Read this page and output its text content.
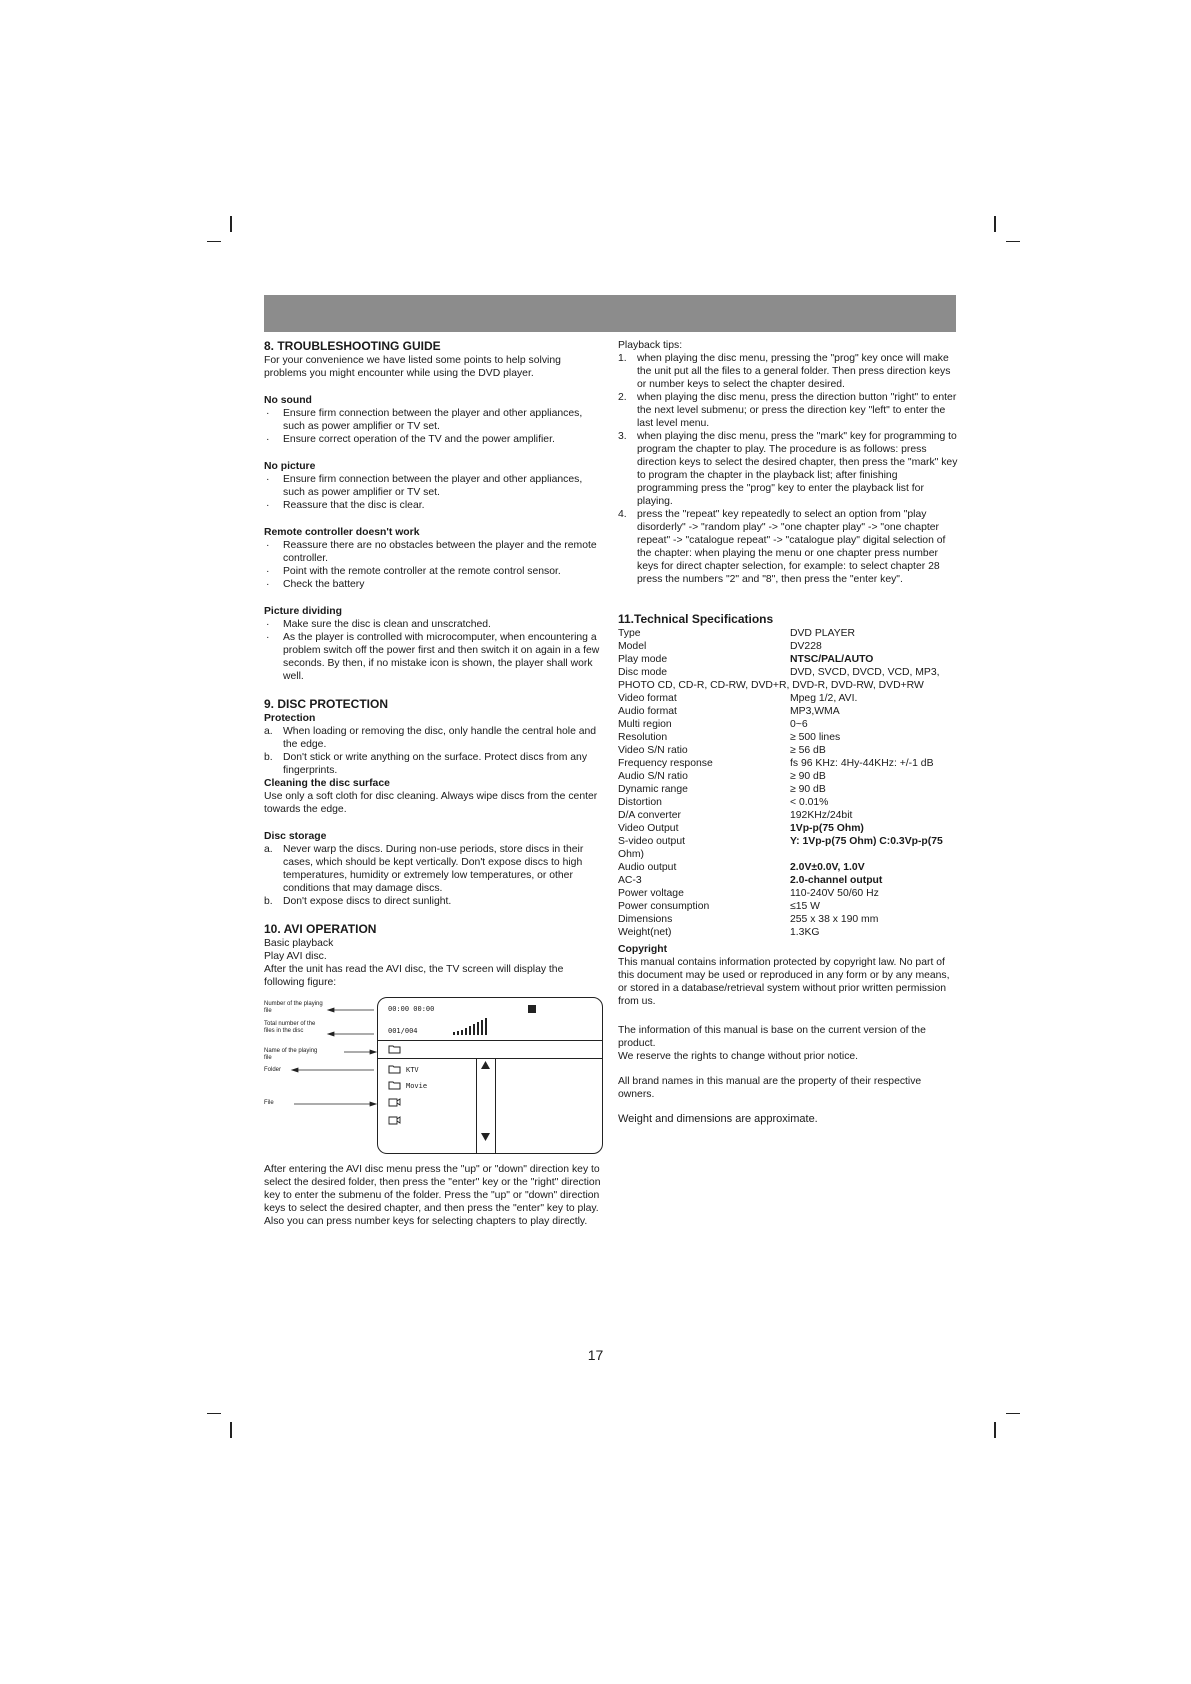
8. TROUBLESHOOTING GUIDE

For your convenience we have listed some points to help solving problems you might encounter while using the DVD player.

No sound
· Ensure firm connection between the player and other appliances, such as power amplifier or TV set.
· Ensure correct operation of the TV and the power amplifier.
No picture
· Ensure firm connection between the player and other appliances, such as power amplifier or TV set.
· Reassure that the disc is clear.
Remote controller doesn't work
· Reassure there are no obstacles between the player and the remote controller.
· Point with the remote controller at the remote control sensor.
· Check the battery
Picture dividing
· Make sure the disc is clean and unscratched.
· As the player is controlled with microcomputer, when encountering a problem switch off the power first and then switch it on again in a few seconds. By then, if no mistake icon is shown, the player shall work well.
9. DISC PROTECTION
Protection
a. When loading or removing the disc, only handle the central hole and the edge.
b. Don't stick or write anything on the surface. Protect discs from any fingerprints.
Cleaning the disc surface

Use only a soft cloth for disc cleaning. Always wipe discs from the center towards the edge.

Disc storage
a. Never warp the discs. During non-use periods, store discs in their cases, which should be kept vertically. Don't expose discs to high temperatures, humidity or extremely low temperatures, or other conditions that may damage discs.
b. Don't expose discs to direct sunlight.
10. AVI OPERATION

Basic playback

Play AVI disc.

After the unit has read the AVI disc, the TV screen will display the following figure:

Number of the playing file
Total number of the files in the disc
Name of the playing file
Folder
File
00:00 00:00
001/004
KTV
Movie

After entering the AVI disc menu press the "up" or "down" direction key to select the desired folder, then press the "enter" key or the "right" direction key to enter the submenu of the folder. Press the "up" or "down" direction keys to select the desired chapter, and then press the "enter" key to play. Also you can press number keys for selecting chapters to play directly.

Playback tips:

1. when playing the disc menu, pressing the "prog" key once will make the unit put all the files to a general folder. Then press direction keys or number keys to select the chapter desired.
2. when playing the disc menu, press the direction button "right" to enter the next level submenu; or press the direction key "left" to enter the last level menu.
3. when playing the disc menu, press the "mark" key for programming to program the chapter to play. The procedure is as follows: press direction keys to select the desired chapter, then press the "mark" key to program the chapter in the playback list; after finishing programming press the "prog" key to enter the playback list for playing.
4. press the "repeat" key repeatedly to select an option from "play disorderly" -> "random play" -> "one chapter play" -> "one chapter repeat" -> "catalogue repeat" -> "catalogue play" digital selection of the chapter: when playing the menu or one chapter press number keys for direct chapter selection, for example: to select chapter 28 press the numbers "2" and "8", then press the "enter key".
11.Technical Specifications
Type	DVD PLAYER
Model	DV228
Play mode	NTSC/PAL/AUTO
Disc mode	DVD, SVCD, DVCD, VCD, MP3,

PHOTO CD, CD-R, CD-RW, DVD+R, DVD-R, DVD-RW, DVD+RW

Video format	Mpeg 1/2, AVI.
Audio format	MP3,WMA
Multi region	0~6
Resolution	≥ 500 lines
Video S/N ratio	≥ 56 dB
Frequency response	fs 96 KHz: 4Hy-44KHz: +/-1 dB
Audio S/N ratio	≥ 90 dB
Dynamic range	≥ 90 dB
Distortion	< 0.01%
D/A converter	192KHz/24bit
Video Output	1Vp-p(75 Ohm)
S-video output	Y: 1Vp-p(75 Ohm) C:0.3Vp-p(75

Ohm)

Audio output	2.0V±0.0V, 1.0V
AC-3	2.0-channel output
Power voltage	110-240V 50/60 Hz
Power consumption	≤15 W
Dimensions	255 x 38 x 190 mm
Weight(net)	1.3KG
Copyright

This manual contains information protected by copyright law. No part of this document may be used or reproduced in any form or by any means, or stored in a database/retrieval system without prior written permission from us.

The information of this manual is base on the current version of the product.

We reserve the rights to change without prior notice.

All brand names in this manual are the property of their respective owners.

Weight and dimensions are approximate.

17
